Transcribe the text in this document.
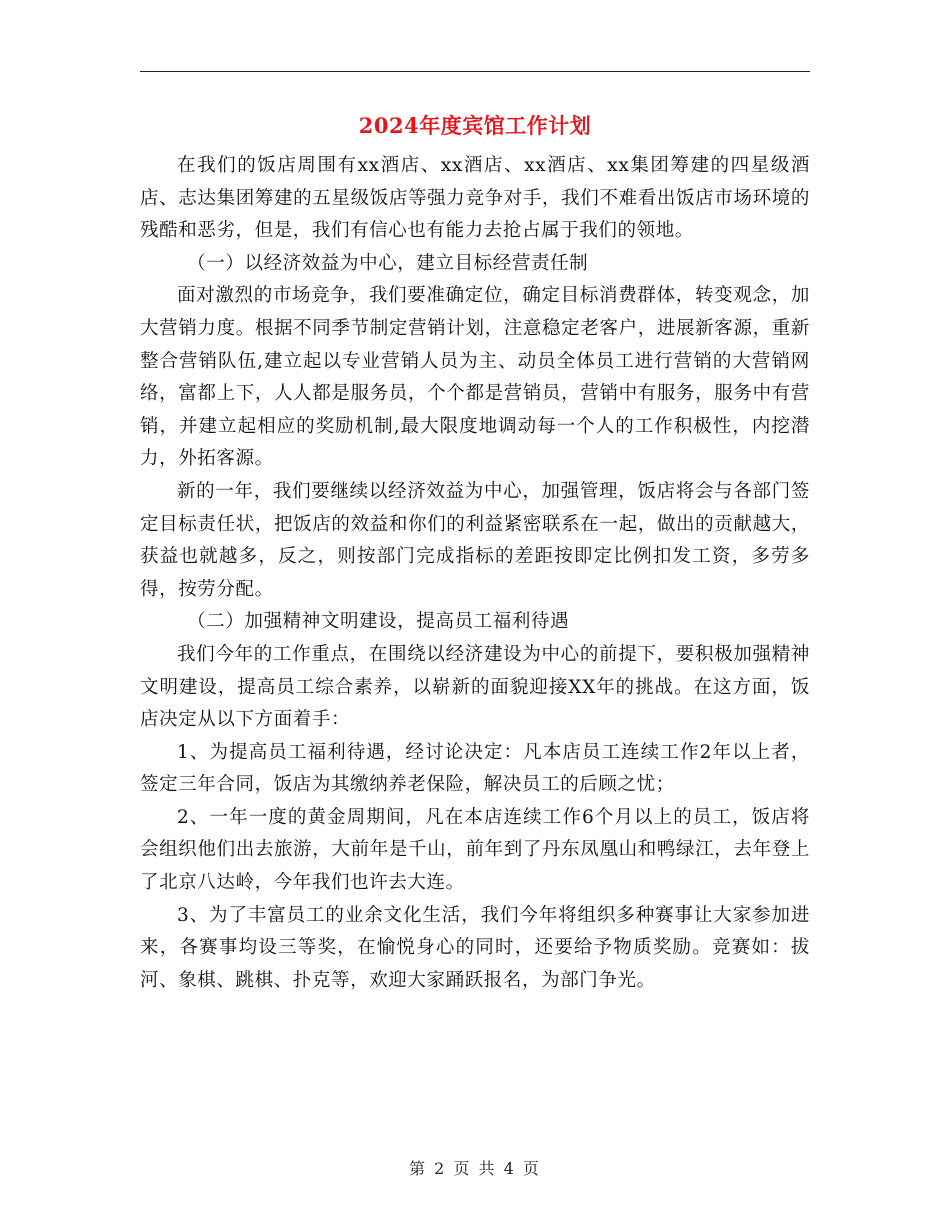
2024年度宾馆工作计划

在我们的饭店周围有xx酒店、xx酒店、xx酒店、xx集团筹建的四星级酒店、志达集团筹建的五星级饭店等强力竞争对手，我们不难看出饭店市场环境的残酷和恶劣，但是，我们有信心也有能力去抢占属于我们的领地。

（一）以经济效益为中心，建立目标经营责任制

面对激烈的市场竞争，我们要准确定位，确定目标消费群体，转变观念，加大营销力度。根据不同季节制定营销计划，注意稳定老客户，进展新客源，重新整合营销队伍,建立起以专业营销人员为主、动员全体员工进行营销的大营销网络，富都上下，人人都是服务员，个个都是营销员，营销中有服务，服务中有营销，并建立起相应的奖励机制,最大限度地调动每一个人的工作积极性，内挖潜力，外拓客源。

新的一年，我们要继续以经济效益为中心，加强管理，饭店将会与各部门签定目标责任状，把饭店的效益和你们的利益紧密联系在一起，做出的贡献越大，获益也就越多，反之，则按部门完成指标的差距按即定比例扣发工资，多劳多得，按劳分配。

（二）加强精神文明建设，提高员工福利待遇

我们今年的工作重点，在围绕以经济建设为中心的前提下，要积极加强精神文明建设，提高员工综合素养，以崭新的面貌迎接XX年的挑战。在这方面，饭店决定从以下方面着手：

1、为提高员工福利待遇，经讨论决定：凡本店员工连续工作2年以上者，签定三年合同，饭店为其缴纳养老保险，解决员工的后顾之忧；

2、一年一度的黄金周期间，凡在本店连续工作6个月以上的员工，饭店将会组织他们出去旅游，大前年是千山，前年到了丹东凤凰山和鸭绿江，去年登上了北京八达岭，今年我们也许去大连。

3、为了丰富员工的业余文化生活，我们今年将组织多种赛事让大家参加进来，各赛事均设三等奖，在愉悦身心的同时，还要给予物质奖励。竞赛如：拔河、象棋、跳棋、扑克等，欢迎大家踊跃报名，为部门争光。

第 2 页 共 4 页
